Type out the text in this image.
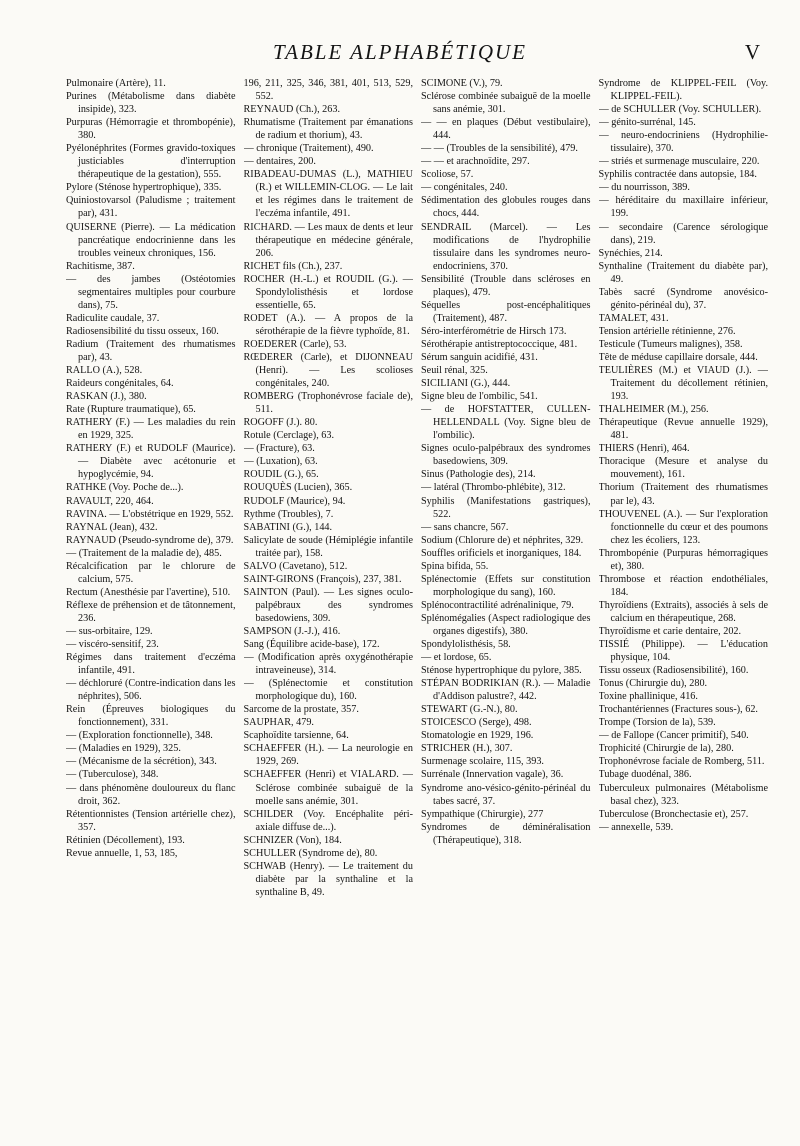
TABLE ALPHABÉTIQUE	V

Pulmonaire (Artère), 11.

Purines (Métabolisme dans diabète insipide), 323.

Purpuras (Hémorragie et thrombopénie), 380.

Pyélonéphrites (Formes gravido-toxiques justiciables d'interruption thérapeutique de la gestation), 555.

Pylore (Sténose hypertrophique), 335.

Quiniostovarsol (Paludisme ; traitement par), 431.

QUISERNE (Pierre). — La médication pancréatique endocrinienne dans les troubles veineux chroniques, 156.

Rachitisme, 387.

— des jambes (Ostéotomies segmentaires multiples pour courbure dans), 75.

Radiculite caudale, 37.

Radiosensibilité du tissu osseux, 160.

Radium (Traitement des rhumatismes par), 43.

RALLO (A.), 528.

Raideurs congénitales, 64.

RASKAN (J.), 380.

Rate (Rupture traumatique), 65.

RATHERY (F.) — Les maladies du rein en 1929, 325.

RATHERY (F.) et RUDOLF (Maurice). — Diabète avec acétonurie et hypoglycémie, 94.

RATHKE (Voy. Poche de...).

RAVAULT, 220, 464.

RAVINA. — L'obstétrique en 1929, 552.

RAYNAL (Jean), 432.

RAYNAUD (Pseudo-syndrome de), 379.

— (Traitement de la maladie de), 485.

Récalcification par le chlorure de calcium, 575.

Rectum (Anesthésie par l'avertine), 510.

Réflexe de préhension et de tâtonnement, 236.

— sus-orbitaire, 129.

— viscéro-sensitif, 23.

Régimes dans traitement d'eczéma infantile, 491.

— déchloruré (Contre-indication dans les néphrites), 506.

Rein (Épreuves biologiques du fonctionnement), 331.

— (Exploration fonctionnelle), 348.

— (Maladies en 1929), 325.

— (Mécanisme de la sécrétion), 343.

— (Tuberculose), 348.

— dans phénomène douloureux du flanc droit, 362.

Rétentionnistes (Tension artérielle chez), 357.

Rétinien (Décollement), 193.

Revue annuelle, 1, 53, 185,

196, 211, 325, 346, 381, 401, 513, 529, 552.

REYNAUD (Ch.), 263.

Rhumatisme (Traitement par émanations de radium et thorium), 43.

— chronique (Traitement), 490.

— dentaires, 200.

RIBADEAU-DUMAS (L.), MATHIEU (R.) et WILLEMIN-CLOG. — Le lait et les régimes dans le traitement de l'eczéma infantile, 491.

RICHARD. — Les maux de dents et leur thérapeutique en médecine générale, 206.

RICHET fils (Ch.), 237.

ROCHER (H.-L.) et ROUDIL (G.). — Spondylolisthésis et lordose essentielle, 65.

RODET (A.). — A propos de la sérothérapie de la fièvre typhoïde, 81.

ROEDERER (Carle), 53.

RŒDERER (Carle), et DIJONNEAU (Henri). — Les scolioses congénitales, 240.

ROMBERG (Trophonévrose faciale de), 511.

ROGOFF (J.). 80.

Rotule (Cerclage), 63.

— (Fracture), 63.

— (Luxation), 63.

ROUDIL (G.), 65.

ROUQUÈS (Lucien), 365.

RUDOLF (Maurice), 94.

Rythme (Troubles), 7.

SABATINI (G.), 144.

Salicylate de soude (Hémiplégie infantile traitée par), 158.

SALVO (Cavetano), 512.

SAINT-GIRONS (François), 237, 381.

SAINTON (Paul). — Les signes oculo-palpébraux des syndromes basedowiens, 309.

SAMPSON (J.-J.), 416.

Sang (Équilibre acide-base), 172.

— (Modification après oxygénothérapie intraveineuse), 314.

— (Splénectomie et constitution morphologique du), 160.

Sarcome de la prostate, 357.

SAUPHAR, 479.

Scaphoïdite tarsienne, 64.

SCHAEFFER (H.). — La neurologie en 1929, 269.

SCHAEFFER (Henri) et VIALARD. — Sclérose combinée subaiguë de la moelle sans anémie, 301.

SCHILDER (Voy. Encéphalite péri-axiale diffuse de...).

SCHNIZER (Von), 184.

SCHULLER (Syndrome de), 80.

SCHWAB (Henry). — Le traitement du diabète par la synthaline et la synthaline B, 49.

SCIMONE (V.), 79.

Sclérose combinée subaiguë de la moelle sans anémie, 301.

— — en plaques (Début vestibulaire), 444.

— — (Troubles de la sensibilité), 479.

— — et arachnoïdite, 297.

Scoliose, 57.

— congénitales, 240.

Sédimentation des globules rouges dans chocs, 444.

SENDRAIL (Marcel). — Les modifications de l'hydrophilie tissulaire dans les syndromes neuro-endocriniens, 370.

Sensibilité (Trouble dans scléroses en plaques), 479.

Séquelles post-encéphalitiques (Traitement), 487.

Séro-interférométrie de Hirsch 173.

Sérothérapie antistreptococcique, 481.

Sérum sanguin acidifié, 431.

Seuil rénal, 325.

SICILIANI (G.), 444.

Signe bleu de l'ombilic, 541.

— de HOFSTATTER, CULLEN-HELLENDALL (Voy. Signe bleu de l'ombilic).

Signes oculo-palpébraux des syndromes basedowiens, 309.

Sinus (Pathologie des), 214.

— latéral (Thrombo-phlébite), 312.

Syphilis (Manifestations gastriques), 522.

— sans chancre, 567.

Sodium (Chlorure de) et néphrites, 329.

Souffles orificiels et inorganiques, 184.

Spina bifida, 55.

Splénectomie (Effets sur constitution morphologique du sang), 160.

Splénocontractilité adrénalinique, 79.

Splénomégalies (Aspect radiologique des organes digestifs), 380.

Spondylolisthésis, 58.

— et lordose, 65.

Sténose hypertrophique du pylore, 385.

STÉPAN BODRIKIAN (R.). — Maladie d'Addison palustre?, 442.

STEWART (G.-N.), 80.

STOICESCO (Serge), 498.

Stomatologie en 1929, 196.

STRICHER (H.), 307.

Surmenage scolaire, 115, 393.

Surrénale (Innervation vagale), 36.

Syndrome ano-vésico-génito-périnéal du tabes sacré, 37.

Sympathique (Chirurgie), 277

Syndromes de déminéralisation (Thérapeutique), 318.

Syndrome de KLIPPEL-FEIL (Voy. KLIPPEL-FEIL).

— de SCHULLER (Voy. SCHULLER).

— génito-surrénal, 145.

— neuro-endocriniens (Hydrophilie-tissulaire), 370.

— striés et surmenage musculaire, 220.

Syphilis contractée dans autopsie, 184.

— du nourrisson, 389.

— héréditaire du maxillaire inférieur, 199.

— secondaire (Carence sérologique dans), 219.

Synéchies, 214.

Synthaline (Traitement du diabète par), 49.

Tabès sacré (Syndrome anovésico-génito-périnéal du), 37.

TAMALET, 431.

Tension artérielle rétinienne, 276.

Testicule (Tumeurs malignes), 358.

Tête de méduse capillaire dorsale, 444.

TEULIÈRES (M.) et VIAUD (J.). — Traitement du décollement rétinien, 193.

THALHEIMER (M.), 256.

Thérapeutique (Revue annuelle 1929), 481.

THIERS (Henri), 464.

Thoracique (Mesure et analyse du mouvement), 161.

Thorium (Traitement des rhumatismes par le), 43.

THOUVENEL (A.). — Sur l'exploration fonctionnelle du cœur et des poumons chez les écoliers, 123.

Thrombopénie (Purpuras hémorragiques et), 380.

Thrombose et réaction endothéliales, 184.

Thyroïdiens (Extraits), associés à sels de calcium en thérapeutique, 268.

Thyroïdisme et carie dentaire, 202.

TISSIÉ (Philippe). — L'éducation physique, 104.

Tissu osseux (Radiosensibilité), 160.

Tonus (Chirurgie du), 280.

Toxine phallinique, 416.

Trochantériennes (Fractures sous-), 62.

Trompe (Torsion de la), 539.

— de Fallope (Cancer primitif), 540.

Trophicité (Chirurgie de la), 280.

Trophonévrose faciale de Romberg, 511.

Tubage duodénal, 386.

Tuberculeux pulmonaires (Métabolisme basal chez), 323.

Tuberculose (Bronchectasie et), 257.

— annexelle, 539.
